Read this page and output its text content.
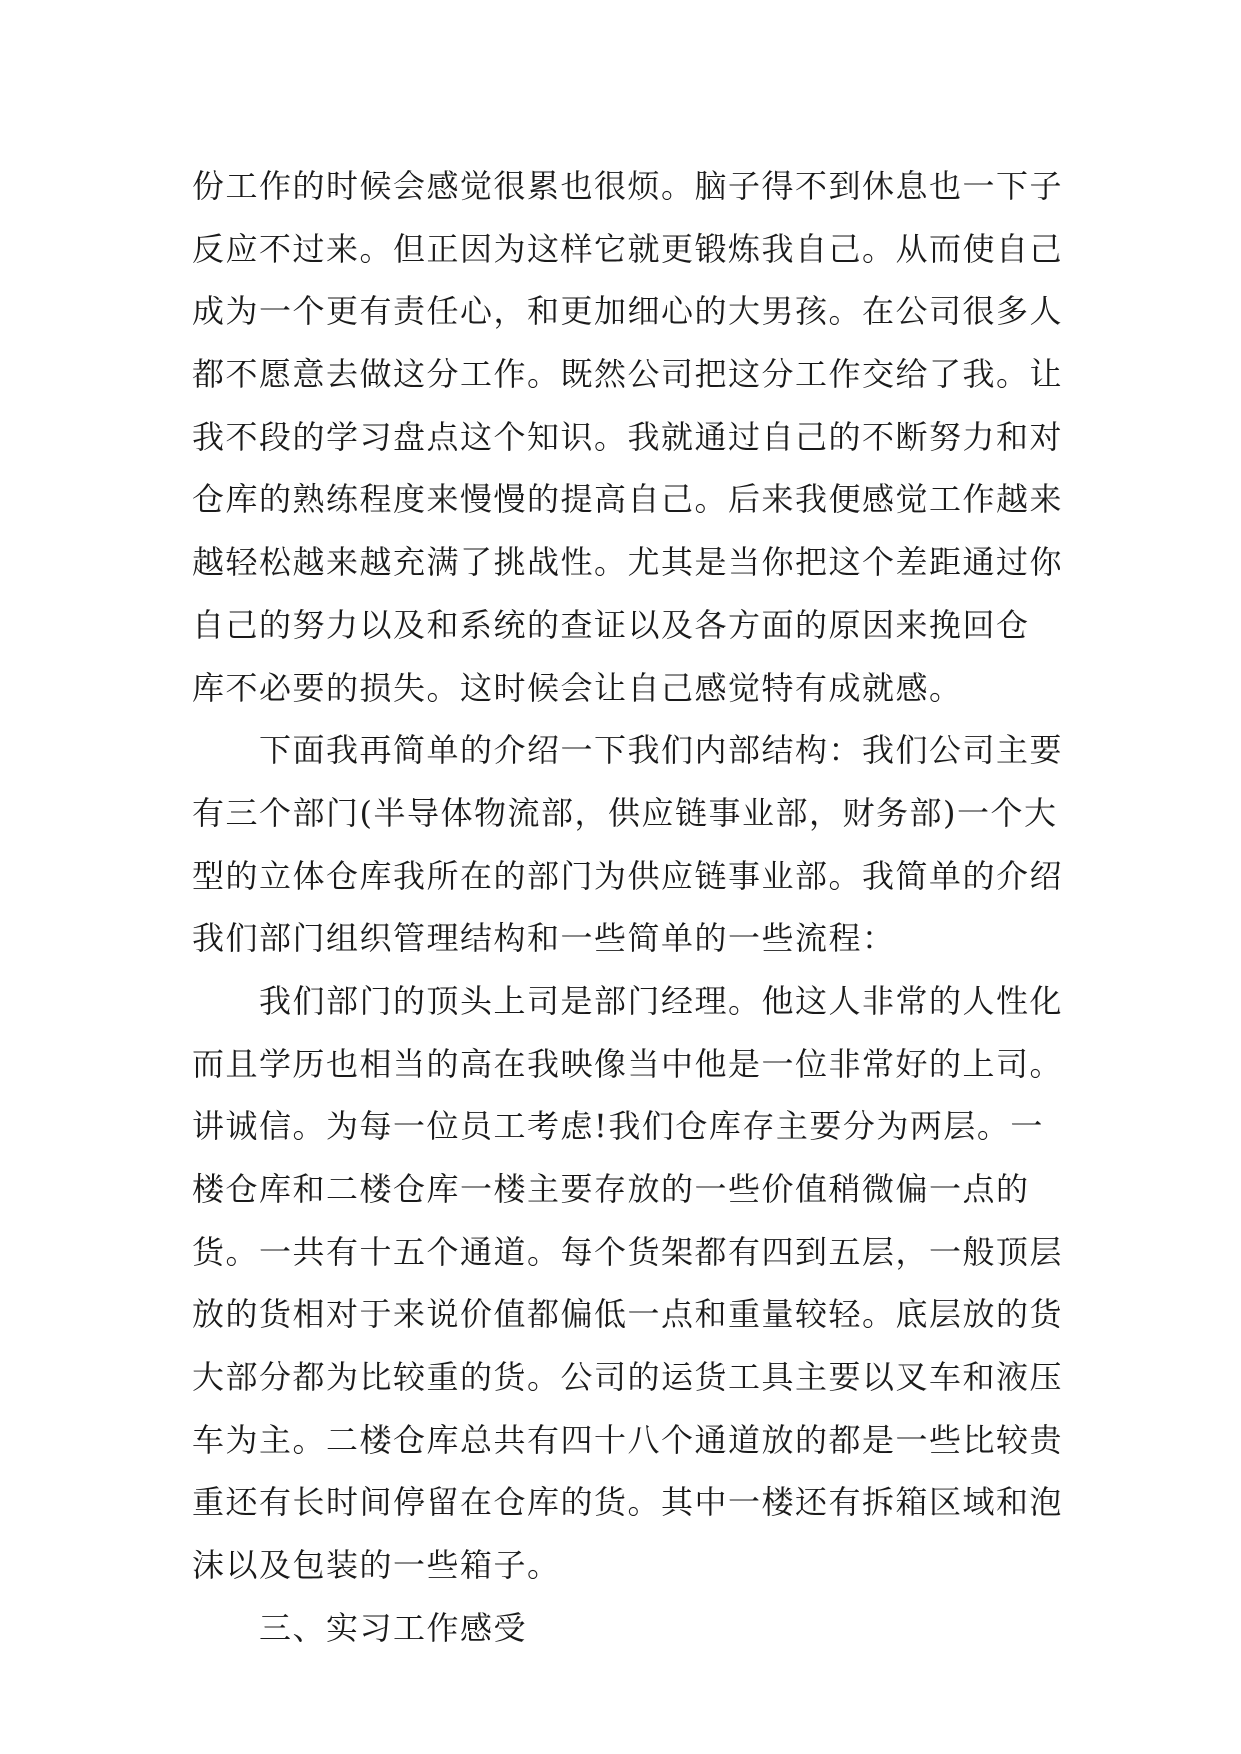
份工作的时候会感觉很累也很烦。脑子得不到休息也一下子
反应不过来。但正因为这样它就更锻炼我自己。从而使自己
成为一个更有责任心，和更加细心的大男孩。在公司很多人
都不愿意去做这分工作。既然公司把这分工作交给了我。让
我不段的学习盘点这个知识。我就通过自己的不断努力和对
仓库的熟练程度来慢慢的提高自己。后来我便感觉工作越来
越轻松越来越充满了挑战性。尤其是当你把这个差距通过你
自己的努力以及和系统的查证以及各方面的原因来挽回仓
库不必要的损失。这时候会让自己感觉特有成就感。
　　下面我再简单的介绍一下我们内部结构：我们公司主要
有三个部门(半导体物流部，供应链事业部，财务部)一个大
型的立体仓库我所在的部门为供应链事业部。我简单的介绍
我们部门组织管理结构和一些简单的一些流程：
　　我们部门的顶头上司是部门经理。他这人非常的人性化
而且学历也相当的高在我映像当中他是一位非常好的上司。
讲诚信。为每一位员工考虑!我们仓库存主要分为两层。一
楼仓库和二楼仓库一楼主要存放的一些价值稍微偏一点的
货。一共有十五个通道。每个货架都有四到五层，一般顶层
放的货相对于来说价值都偏低一点和重量较轻。底层放的货
大部分都为比较重的货。公司的运货工具主要以叉车和液压
车为主。二楼仓库总共有四十八个通道放的都是一些比较贵
重还有长时间停留在仓库的货。其中一楼还有拆箱区域和泡
沫以及包装的一些箱子。
　　三、实习工作感受
